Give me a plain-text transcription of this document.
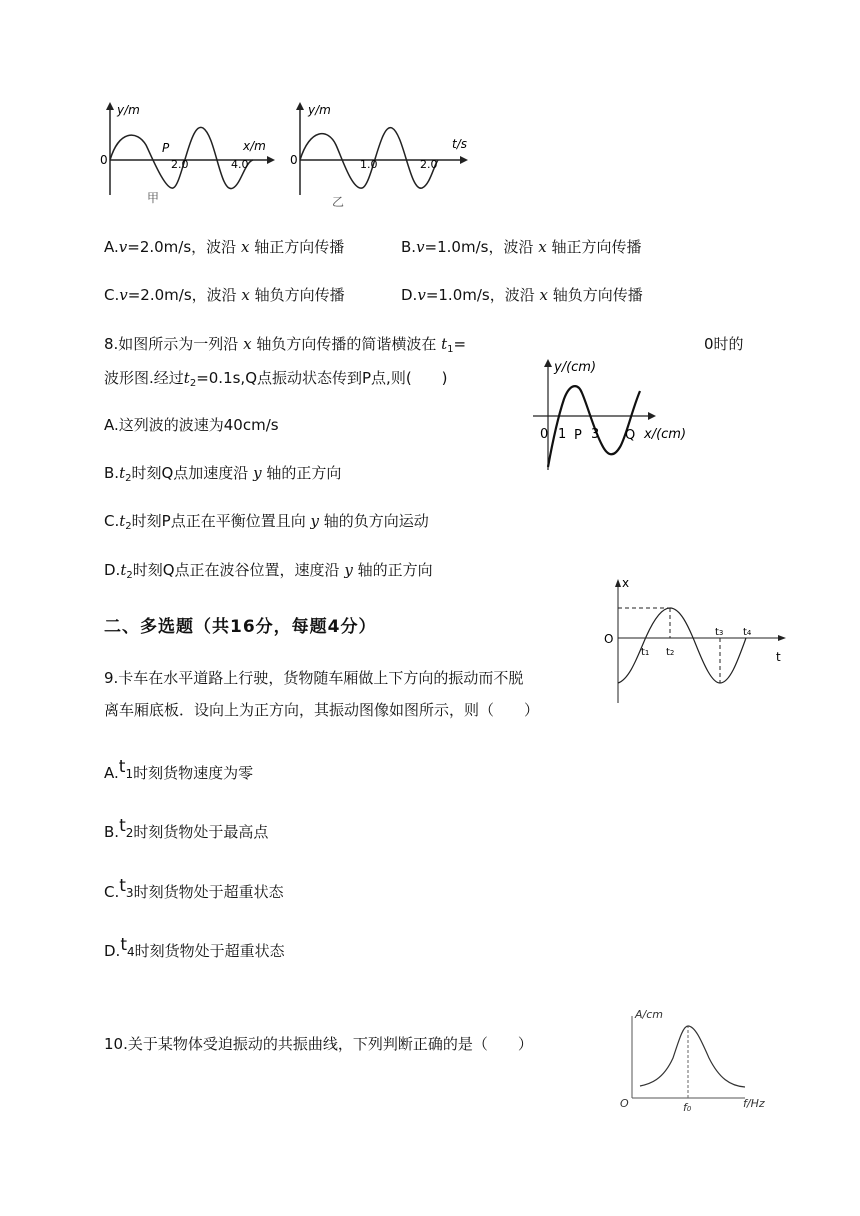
y/m
x/m
0
P
2.0	4.0
甲
y/m
t/s
0	1.0	2.0
乙
A.v=2.0m/s，波沿 x 轴正方向传播	B.v=1.0m/s，波沿 x 轴正方向传播
C.v=2.0m/s，波沿 x 轴负方向传播	D.v=1.0m/s，波沿 x 轴负方向传播
8.如图所示为一列沿 x 轴负方向传播的简谐横波在 $t_1=$	0时的
波形图.经过$t_2=0.1s,Q$点振动状态传到P点,则(　　)
y/(cm)
x/(cm)
0 1 P 3 Q
A.这列波的波速为40cm/s
$B.t_2$时刻Q点加速度沿 y 轴的正方向
$C.t_2$时刻P点正在平衡位置且向 y 轴的负方向运动
$D.t_2$时刻Q点正在波谷位置，速度沿 y 轴的正方向
二、多选题（共16分，每题4分）
x
t
O
t1 t2
t3 t4
9.卡车在水平道路上行驶，货物随车厢做上下方向的振动而不脱
离车厢底板．设向上为正方向，其振动图像如图所示，则（　　）
A.t1时刻货物速度为零
B.t2时刻货物处于最高点
C.t3时刻货物处于超重状态
D.t4时刻货物处于超重状态
10.关于某物体受迫振动的共振曲线，下列判断正确的是（　　）
A/cm
f/Hz
O	f0
